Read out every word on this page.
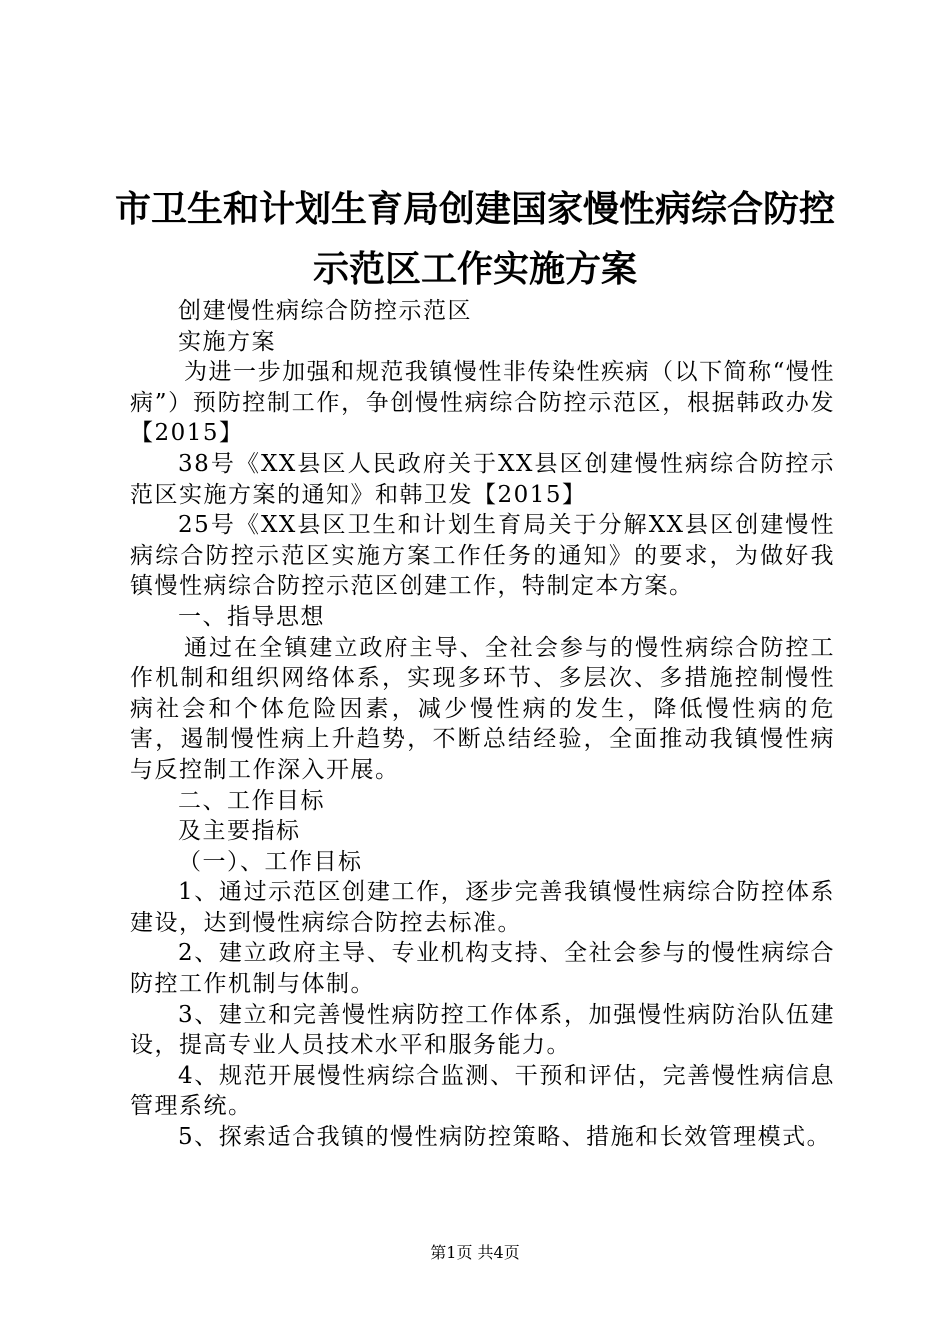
市卫生和计划生育局创建国家慢性病综合防控
示范区工作实施方案

创建慢性病综合防控示范区

实施方案

为进一步加强和规范我镇慢性非传染性疾病（以下简称“慢性病”）预防控制工作，争创慢性病综合防控示范区，根据韩政办发【2015】

38号《XX县区人民政府关于XX县区创建慢性病综合防控示范区实施方案的通知》和韩卫发【2015】

25号《XX县区卫生和计划生育局关于分解XX县区创建慢性病综合防控示范区实施方案工作任务的通知》的要求，为做好我镇慢性病综合防控示范区创建工作，特制定本方案。

一、指导思想

通过在全镇建立政府主导、全社会参与的慢性病综合防控工作机制和组织网络体系，实现多环节、多层次、多措施控制慢性病社会和个体危险因素，减少慢性病的发生，降低慢性病的危害，遏制慢性病上升趋势，不断总结经验，全面推动我镇慢性病与反控制工作深入开展。

二、工作目标

及主要指标

（一）、工作目标

1、通过示范区创建工作，逐步完善我镇慢性病综合防控体系建设，达到慢性病综合防控去标准。

2、建立政府主导、专业机构支持、全社会参与的慢性病综合防控工作机制与体制。

3、建立和完善慢性病防控工作体系，加强慢性病防治队伍建设，提高专业人员技术水平和服务能力。

4、规范开展慢性病综合监测、干预和评估，完善慢性病信息管理系统。

5、探索适合我镇的慢性病防控策略、措施和长效管理模式。

第1页 共4页
